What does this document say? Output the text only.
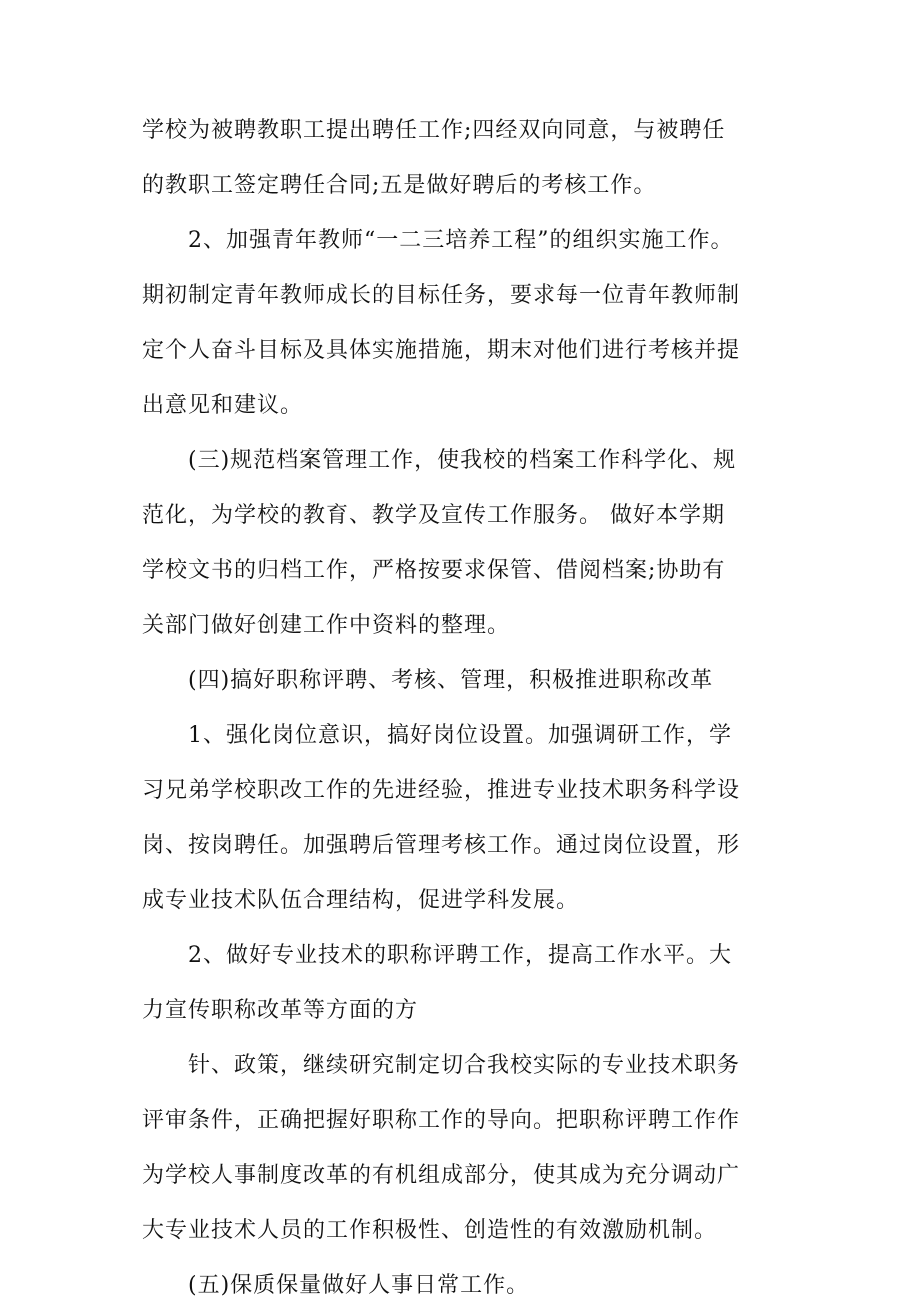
学校为被聘教职工提出聘任工作;四经双向同意，与被聘任
的教职工签定聘任合同;五是做好聘后的考核工作。
2、加强青年教师“一二三培养工程”的组织实施工作。
期初制定青年教师成长的目标任务，要求每一位青年教师制
定个人奋斗目标及具体实施措施，期末对他们进行考核并提
出意见和建议。
(三)规范档案管理工作，使我校的档案工作科学化、规
范化，为学校的教育、教学及宣传工作服务。 做好本学期
学校文书的归档工作，严格按要求保管、借阅档案;协助有
关部门做好创建工作中资料的整理。
(四)搞好职称评聘、考核、管理，积极推进职称改革
1、强化岗位意识，搞好岗位设置。加强调研工作，学
习兄弟学校职改工作的先进经验，推进专业技术职务科学设
岗、按岗聘任。加强聘后管理考核工作。通过岗位设置，形
成专业技术队伍合理结构，促进学科发展。
2、做好专业技术的职称评聘工作，提高工作水平。大
力宣传职称改革等方面的方
针、政策，继续研究制定切合我校实际的专业技术职务
评审条件，正确把握好职称工作的导向。把职称评聘工作作
为学校人事制度改革的有机组成部分，使其成为充分调动广
大专业技术人员的工作积极性、创造性的有效激励机制。
(五)保质保量做好人事日常工作。
